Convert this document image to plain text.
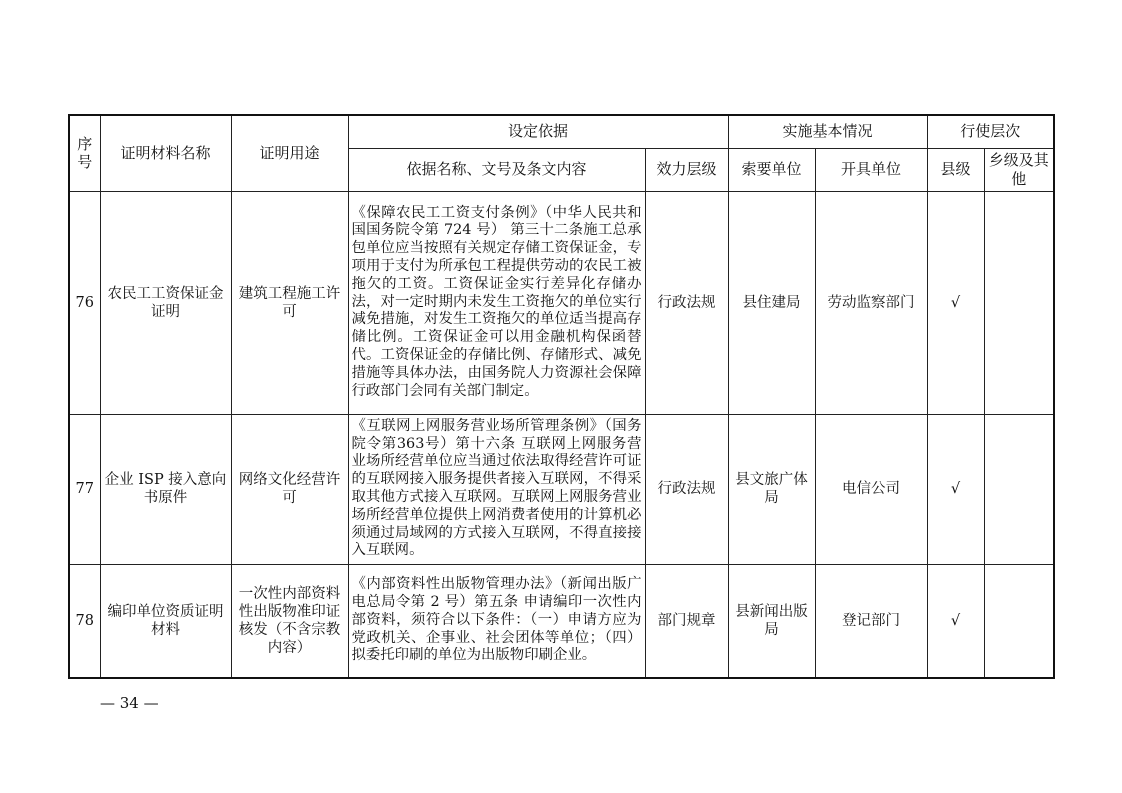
序号	证明材料名称	证明用途	设定依据		实施基本情况		行使层次	
			依据名称、文号及条文内容	效力层级	索要单位	开具单位	县级	乡级及其他
76	农民工工资保证金证明	建筑工程施工许可	《保障农民工工资支付条例》（中华人民共和国国务院令第 724 号） 第三十二条施工总承包单位应当按照有关规定存储工资保证金，专项用于支付为所承包工程提供劳动的农民工被拖欠的工资。工资保证金实行差异化存储办法，对一定时期内未发生工资拖欠的单位实行减免措施，对发生工资拖欠的单位适当提高存储比例。工资保证金可以用金融机构保函替代。工资保证金的存储比例、存储形式、减免措施等具体办法，由国务院人力资源社会保障行政部门会同有关部门制定。	行政法规	县住建局	劳动监察部门	√	
77	企业 ISP 接入意向书原件	网络文化经营许可	《互联网上网服务营业场所管理条例》（国务院令第363号）第十六条 互联网上网服务营业场所经营单位应当通过依法取得经营许可证的互联网接入服务提供者接入互联网，不得采取其他方式接入互联网。互联网上网服务营业场所经营单位提供上网消费者使用的计算机必须通过局域网的方式接入互联网，不得直接接入互联网。	行政法规	县文旅广体局	电信公司	√	
78	编印单位资质证明材料	一次性内部资料性出版物准印证核发（不含宗教内容）	《内部资料性出版物管理办法》（新闻出版广电总局令第 2 号）第五条 申请编印一次性内部资料，须符合以下条件：（一）申请方应为党政机关、企事业、社会团体等单位；（四）拟委托印刷的单位为出版物印刷企业。	部门规章	县新闻出版局	登记部门	√	
— 34 —
